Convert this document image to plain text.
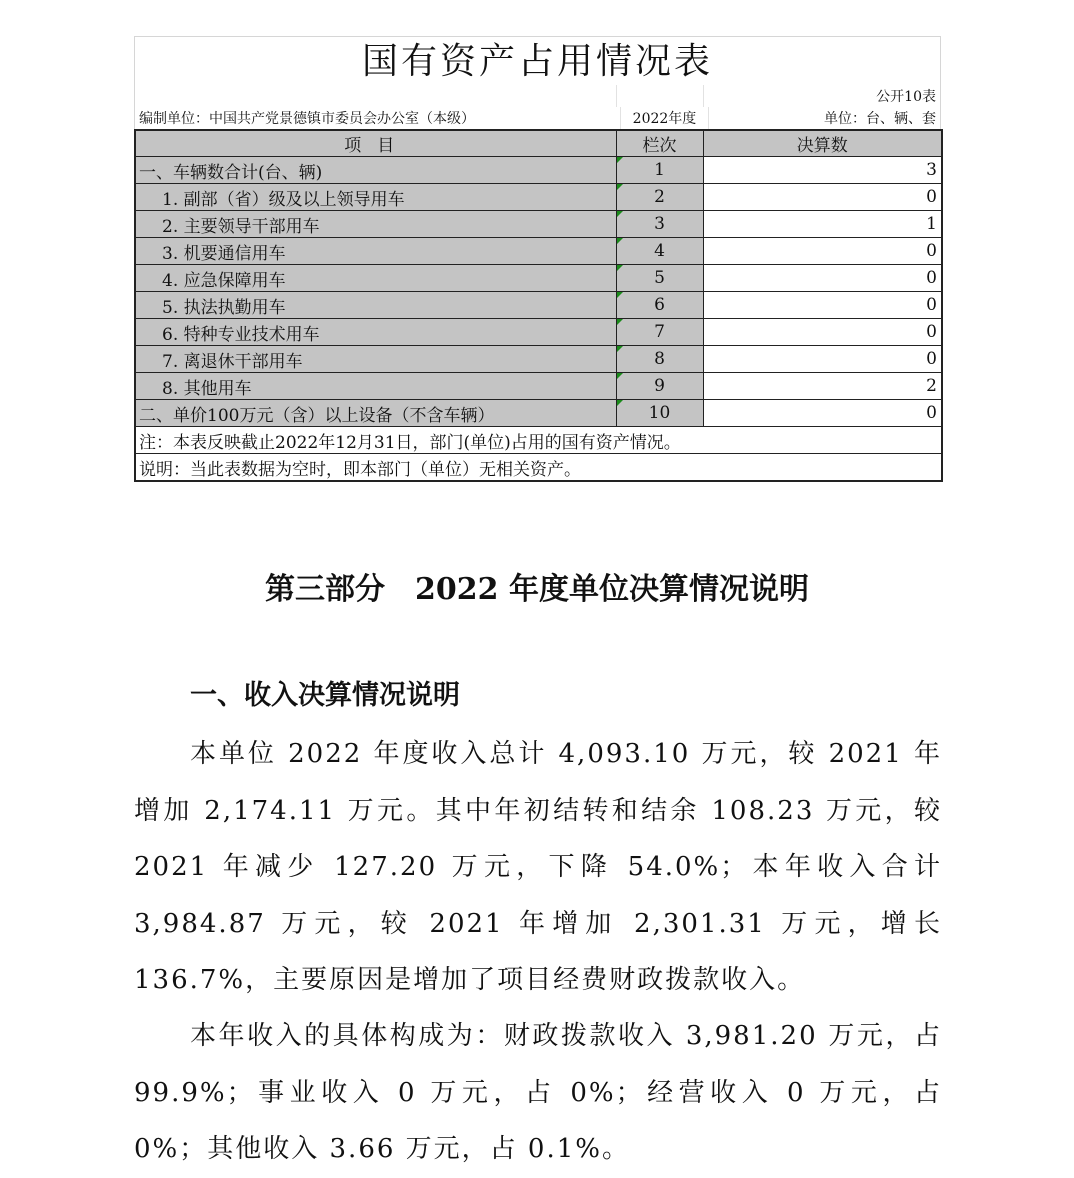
国有资产占用情况表
公开10表
编制单位：中国共产党景德镇市委员会办公室（本级）	2022年度	单位：台、辆、套
项目	栏次	决算数
一、车辆数合计(台、辆)	1	3
1. 副部（省）级及以上领导用车	2	0
2. 主要领导干部用车	3	1
3. 机要通信用车	4	0
4. 应急保障用车	5	0
5. 执法执勤用车	6	0
6. 特种专业技术用车	7	0
7. 离退休干部用车	8	0
8. 其他用车	9	2
二、单价100万元（含）以上设备（不含车辆）	10	0
注：本表反映截止2022年12月31日，部门(单位)占用的国有资产情况。		
说明：当此表数据为空时，即本部门（单位）无相关资产。		
第三部分　2022 年度单位决算情况说明
一、收入决算情况说明

本单位 2022 年度收入总计 4,093.10 万元，较 2021 年增加 2,174.11 万元。其中年初结转和结余 108.23 万元，较 2021 年减少 127.20 万元，下降 54.0%；本年收入合计 3,984.87 万元，较 2021 年增加 2,301.31 万元，增长 136.7%，主要原因是增加了项目经费财政拨款收入。

本年收入的具体构成为：财政拨款收入 3,981.20 万元，占 99.9%；事业收入 0 万元，占 0%；经营收入 0 万元，占 0%；其他收入 3.66 万元，占 0.1%。
